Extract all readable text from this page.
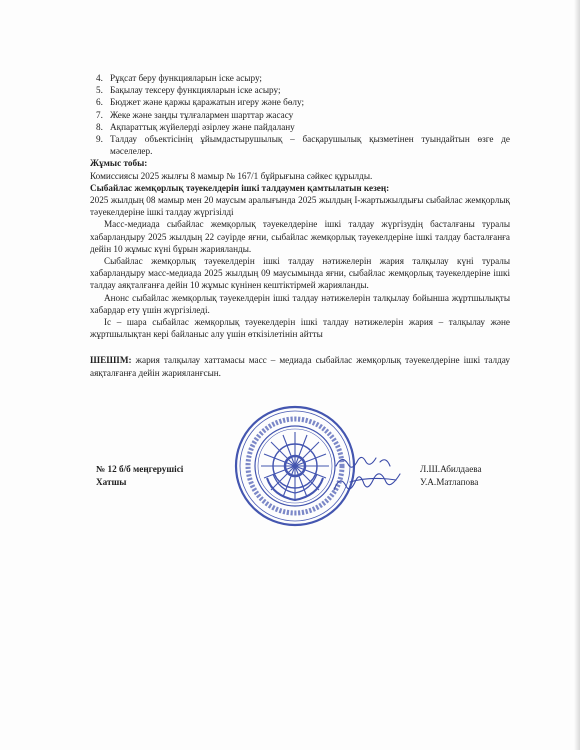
4. Рұқсат беру функцияларын іске асыру;
5. Бақылау тексеру функцияларын іске асыру;
6. Бюджет және қаржы қаражатын игеру және бөлу;
7. Жеке және заңды тұлғалармен шарттар жасасу
8. Ақпараттық жүйелерді әзірлеу және пайдалану
9. Талдау объектісінің ұйымдастырушылық – басқарушылық қызметінен туындайтын өзге де мәселелер.

Жұмыс тобы:

Комиссиясы 2025 жылғы 8 мамыр № 167/1 бұйрығына сәйкес құрылды.

Сыбайлас жемқорлық тәуекелдерін ішкі талдаумен қамтылатын кезең:

2025 жылдың 08 мамыр мен 20 маусым аралығында 2025 жылдың І-жартыжылдығы сыбайлас жемқорлық тәуекелдеріне ішкі талдау жүргізілді

Масс-медиада сыбайлас жемқорлық тәуекелдеріне ішкі талдау жүргізудің басталғаны туралы хабарландыру 2025 жылдың 22 сәуірде яғни, сыбайлас жемқорлық тәуекелдеріне ішкі талдау басталғанға дейін 10 жұмыс күні бұрын жарияланды.

Сыбайлас жемқорлық тәуекелдерін ішкі талдау нәтижелерін жария талқылау күні туралы хабарландыру масс-медиада 2025 жылдың 09 маусымында яғни, сыбайлас жемқорлық тәуекелдеріне ішкі талдау аяқталғанға дейін 10 жұмыс күнінен кештіктірмей жарияланды.

Анонс сыбайлас жемқорлық тәуекелдерін ішкі талдау нәтижелерін талқылау бойынша жұртшылықты хабардар ету үшін жүргізіледі.

Іс – шара сыбайлас жемқорлық тәуекелдерін ішкі талдау нәтижелерін жария – талқылау және жұртшылықтан кері байланыс алу үшін өткізілетінін айтты

ШЕШІМ: жария талқылау хаттамасы масс – медиада сыбайлас жемқорлық тәуекелдеріне ішкі талдау аяқталғанға дейін жарияланғсын.

№ 12 б/б меңгерушісі
Хатшы
Л.Ш.Абилдаева
У.А.Матлапова
